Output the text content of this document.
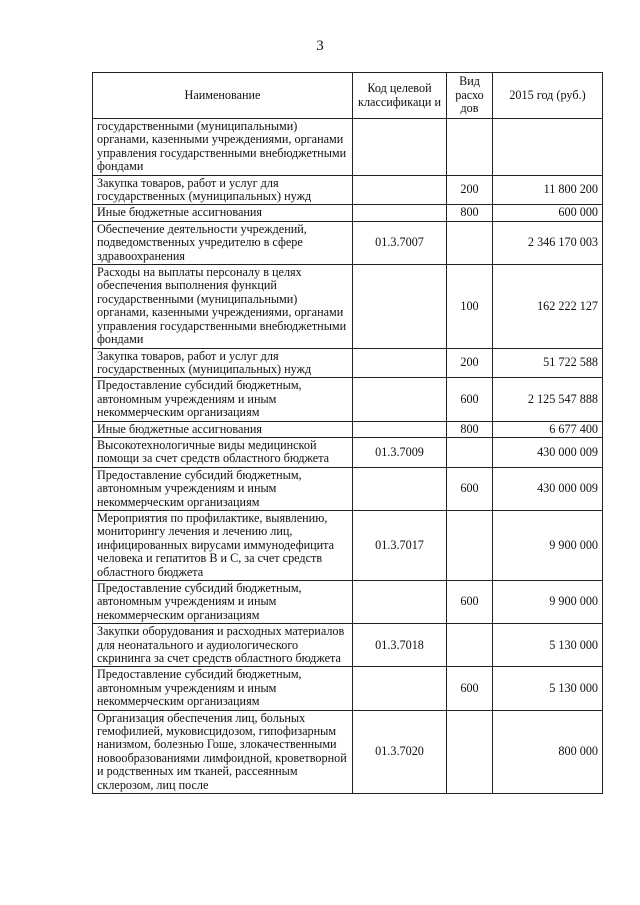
3
Наименование	Код целевой классификаци и	Вид расхо дов	2015 год (руб.)
государственными (муниципальными) органами, казенными учреждениями, органами управления государственными внебюджетными фондами			
Закупка товаров, работ и услуг для государственных (муниципальных) нужд		200	11 800 200
Иные бюджетные ассигнования		800	600 000
Обеспечение деятельности учреждений, подведомственных учредителю в сфере здравоохранения	01.3.7007		2 346 170 003
Расходы на выплаты персоналу в целях обеспечения выполнения функций государственными (муниципальными) органами, казенными учреждениями, органами управления государственными внебюджетными фондами		100	162 222 127
Закупка товаров, работ и услуг для государственных (муниципальных) нужд		200	51 722 588
Предоставление субсидий бюджетным, автономным учреждениям и иным некоммерческим организациям		600	2 125 547 888
Иные бюджетные ассигнования		800	6 677 400
Высокотехнологичные виды медицинской помощи за счет средств областного бюджета	01.3.7009		430 000 009
Предоставление субсидий бюджетным, автономным учреждениям и иным некоммерческим организациям		600	430 000 009
Мероприятия по профилактике, выявлению, мониторингу лечения и лечению лиц, инфицированных вирусами иммунодефицита человека и гепатитов В и С, за счет средств областного бюджета	01.3.7017		9 900 000
Предоставление субсидий бюджетным, автономным учреждениям и иным некоммерческим организациям		600	9 900 000
Закупки оборудования и расходных материалов для неонатального и аудиологического скрининга за счет средств областного бюджета	01.3.7018		5 130 000
Предоставление субсидий бюджетным, автономным учреждениям и иным некоммерческим организациям		600	5 130 000
Организация обеспечения лиц, больных гемофилией, муковисцидозом, гипофизарным нанизмом, болезнью Гоше, злокачественными новообразованиями лимфоидной, кроветворной и родственных им тканей, рассеянным склерозом, лиц после	01.3.7020		800 000
